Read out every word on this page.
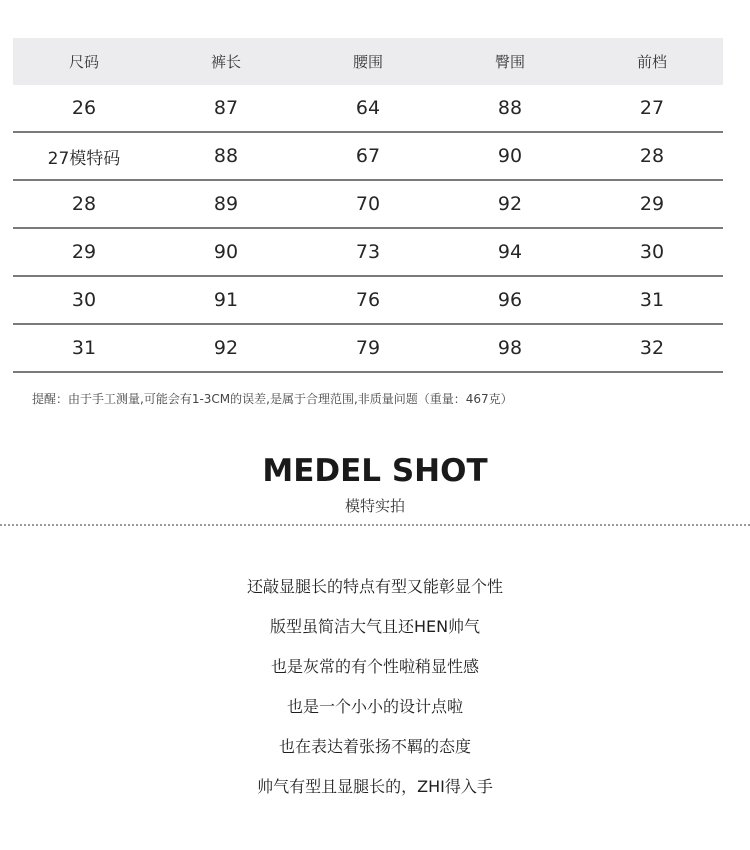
尺码	裤长	腰围	臀围	前档
26	87	64	88	27
27模特码	88	67	90	28
28	89	70	92	29
29	90	73	94	30
30	91	76	96	31
31	92	79	98	32
提醒：由于手工测量,可能会有1-3CM的误差,是属于合理范围,非质量问题（重量：467克）
MEDEL SHOT
模特实拍
还敲显腿长的特点有型又能彰显个性
版型虽简洁大气且还HEN帅气
也是灰常的有个性啦稍显性感
也是一个小小的设计点啦
也在表达着张扬不羁的态度
帅气有型且显腿长的，ZHI得入手
